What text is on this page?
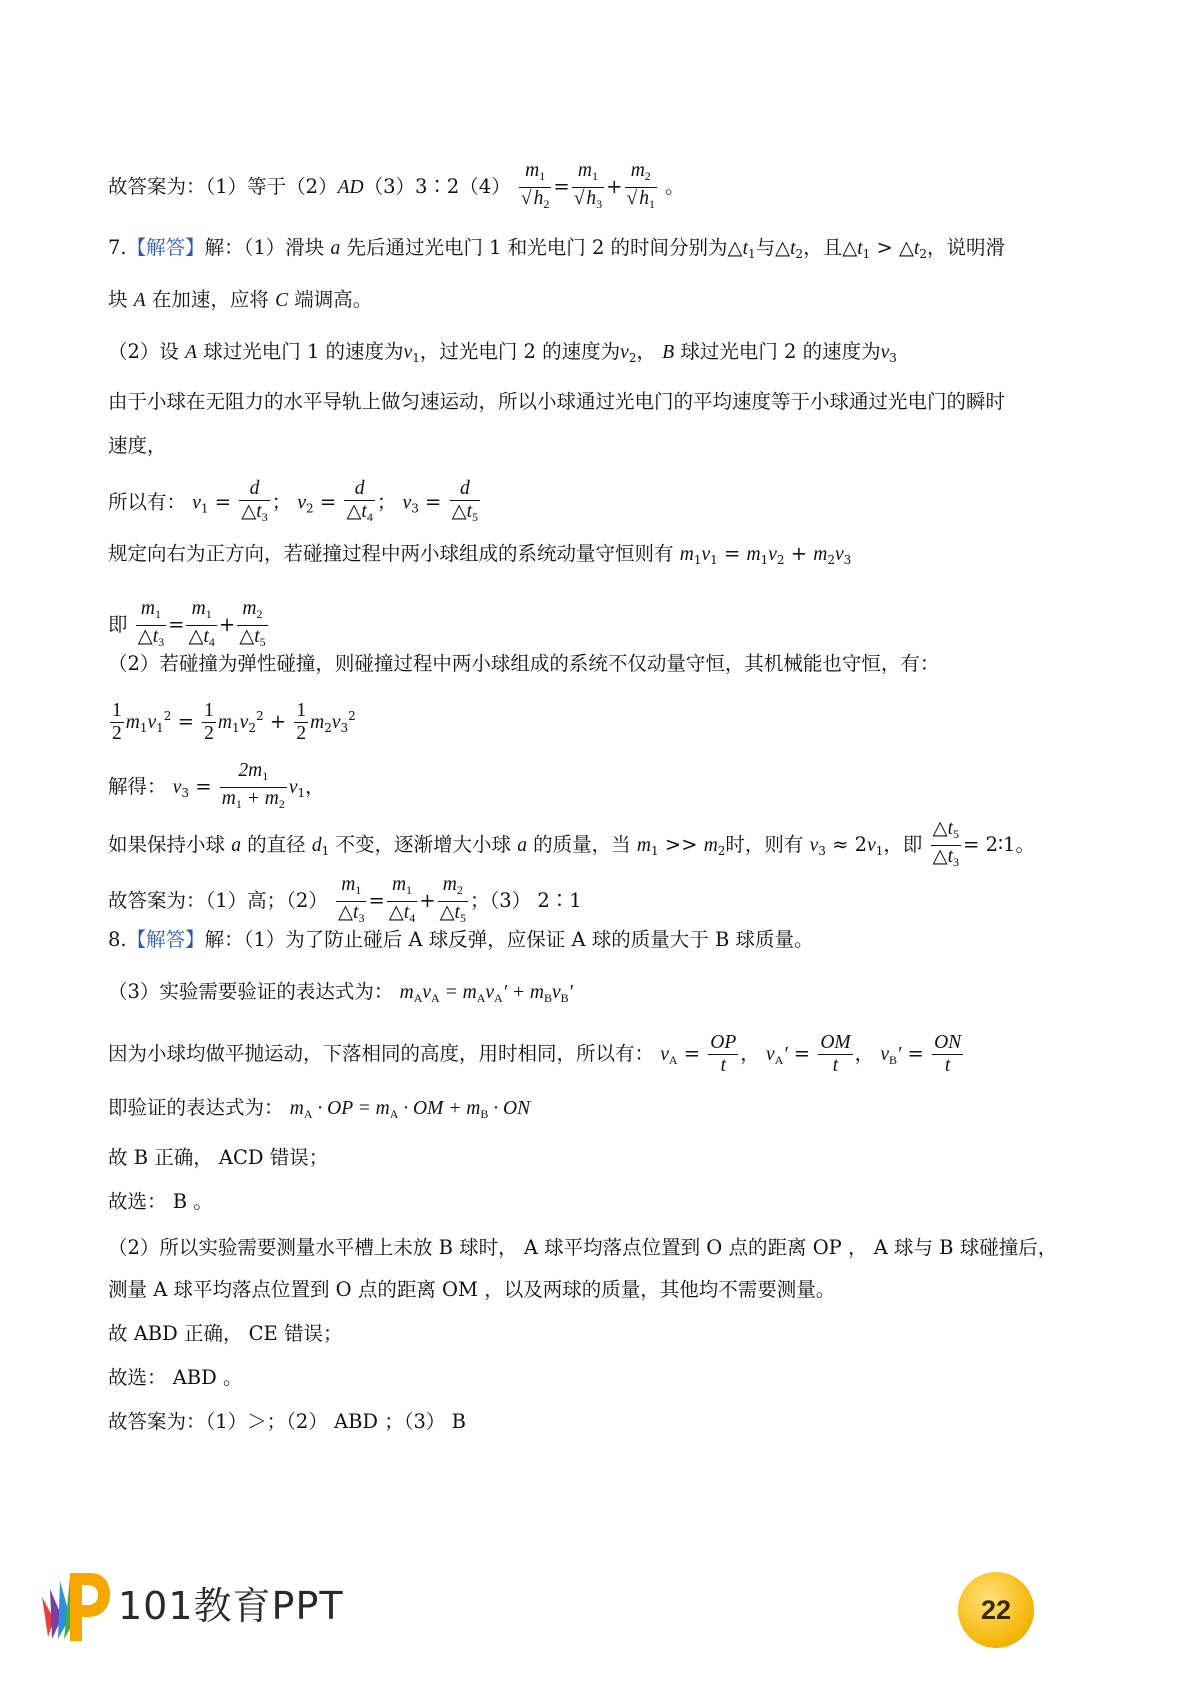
故答案为：（1）等于（2）AD（3）3∶2（4） $\frac{m_1}{√ h_2} = \frac{m_1}{√ h_3} + \frac{m_2}{√ h_1}$ 。
7.【解答】解：（1）滑块 a 先后通过光电门 1 和光电门 2 的时间分别为$\triangle t_1$与$\triangle t_2$，且$\triangle t_1$ > $\triangle t_2$，说明滑
块 A 在加速，应将 C 端调高。
（2）设 A 球过光电门 1 的速度为$v_1$，过光电门 2 的速度为$v_2$， B 球过光电门 2 的速度为$v_3$
由于小球在无阻力的水平导轨上做匀速运动，所以小球通过光电门的平均速度等于小球通过光电门的瞬时
速度，
所以有： $v_1 = \frac{d}{\triangle t_3}$ ； $v_2 = \frac{d}{\triangle t_4}$ ； $v_3 = \frac{d}{\triangle t_5}$
规定向右为正方向，若碰撞过程中两小球组成的系统动量守恒则有 $m_1v_1 = m_1v_2 + m_2v_3$
即 $\frac{m_1}{\triangle t_3} = \frac{m_1}{\triangle t_4} + \frac{m_2}{\triangle t_5}$
（2）若碰撞为弹性碰撞，则碰撞过程中两小球组成的系统不仅动量守恒，其机械能也守恒，有：
$\frac{1}{2} m_1v_1^2 = \frac{1}{2} m_1v_2^2 + \frac{1}{2} m_2v_3^2$
解得： $v_3 = \frac{2m_1}{m_1 + m_2} v_1$，
如果保持小球 a 的直径 $d_1$ 不变，逐渐增大小球 a 的质量，当 $m_1 >> m_2$时，则有 $v_3 \approx 2v_1$，即 $\frac{\triangle t_5}{\triangle t_3}$ = 2∶1。
故答案为：（1）高；$(2) \frac{m_1}{\triangle t_3} = \frac{m_1}{\triangle t_4} + \frac{m_2}{\triangle t_5}$ ；（3） 2∶1
8.【解答】解：（1）为了防止碰后 A 球反弹，应保证 A 球的质量大于 B 球质量。
（3）实验需要验证的表达式为： $m_Av_A = m_Av_A' + m_Bv_B'$
因为小球均做平抛运动，下落相同的高度，用时相同，所以有： $v_A = \frac{OP}{t}$ ， $v_A' = \frac{OM}{t}$ ， $v_B' = \frac{ON}{t}$
即验证的表达式为： $m_A$ · OP = $m_A$ · OM + $m_B$ · ON
故 B 正确， ACD 错误；
故选： B 。
（2）所以实验需要测量水平槽上未放 B 球时， A 球平均落点位置到 O 点的距离 OP ， A 球与 B 球碰撞后，
测量 A 球平均落点位置到 O 点的距离 OM ，以及两球的质量，其他均不需要测量。
故 ABD 正确， CE 错误；
故选： ABD 。
故答案为：（1）＞；（2） ABD ；（3） B
101教育PPT	22
